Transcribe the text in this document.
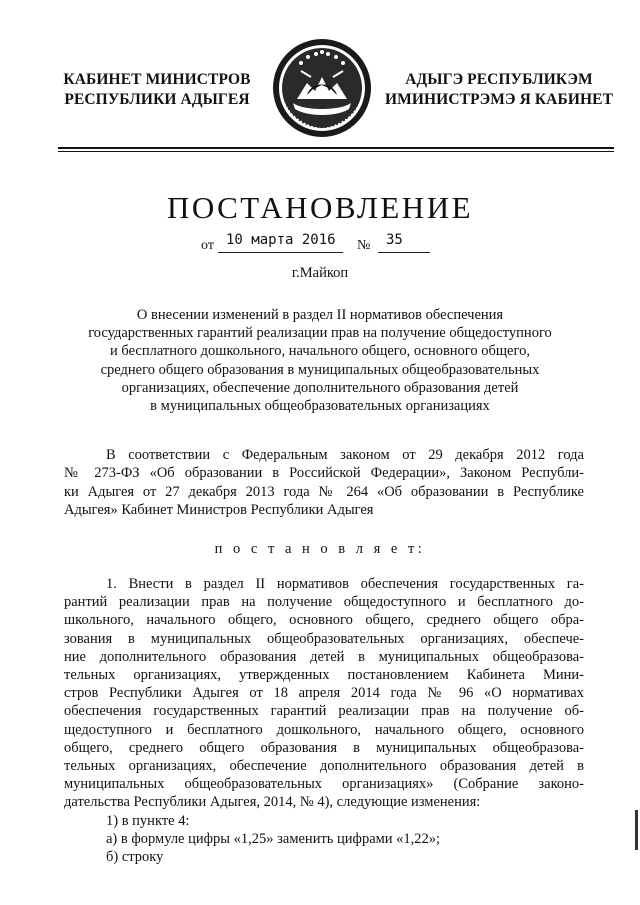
КАБИНЕТ МИНИСТРОВ
РЕСПУБЛИКИ АДЫГЕЯ
АДЫГЭ РЕСПУБЛИКЭМ
ИМИНИСТРЭМЭ Я КАБИНЕТ
ПОСТАНОВЛЕНИЕ
от 10 марта 2016 № 35
г.Майкоп
О внесении изменений в раздел II нормативов обеспечения
государственных гарантий реализации прав на получение общедоступного
и бесплатного дошкольного, начального общего, основного общего,
среднего общего образования в муниципальных общеобразовательных
организациях, обеспечение дополнительного образования детей
в муниципальных общеобразовательных организациях
В соответствии с Федеральным законом от 29 декабря 2012 года
№ 273-ФЗ «Об образовании в Российской Федерации», Законом Республи-
ки Адыгея от 27 декабря 2013 года № 264 «Об образовании в Республике
Адыгея» Кабинет Министров Республики Адыгея
п о с т а н о в л я е т:
1. Внести в раздел II нормативов обеспечения государственных га-
рантий реализации прав на получение общедоступного и бесплатного до-
школьного, начального общего, основного общего, среднего общего обра-
зования в муниципальных общеобразовательных организациях, обеспече-
ние дополнительного образования детей в муниципальных общеобразова-
тельных организациях, утвержденных постановлением Кабинета Мини-
стров Республики Адыгея от 18 апреля 2014 года № 96 «О нормативах
обеспечения государственных гарантий реализации прав на получение об-
щедоступного и бесплатного дошкольного, начального общего, основного
общего, среднего общего образования в муниципальных общеобразова-
тельных организациях, обеспечение дополнительного образования детей в
муниципальных общеобразовательных организациях» (Собрание законо-
дательства Республики Адыгея, 2014, № 4), следующие изменения:
1) в пункте 4:
а) в формуле цифры «1,25» заменить цифрами «1,22»;
б) строку
